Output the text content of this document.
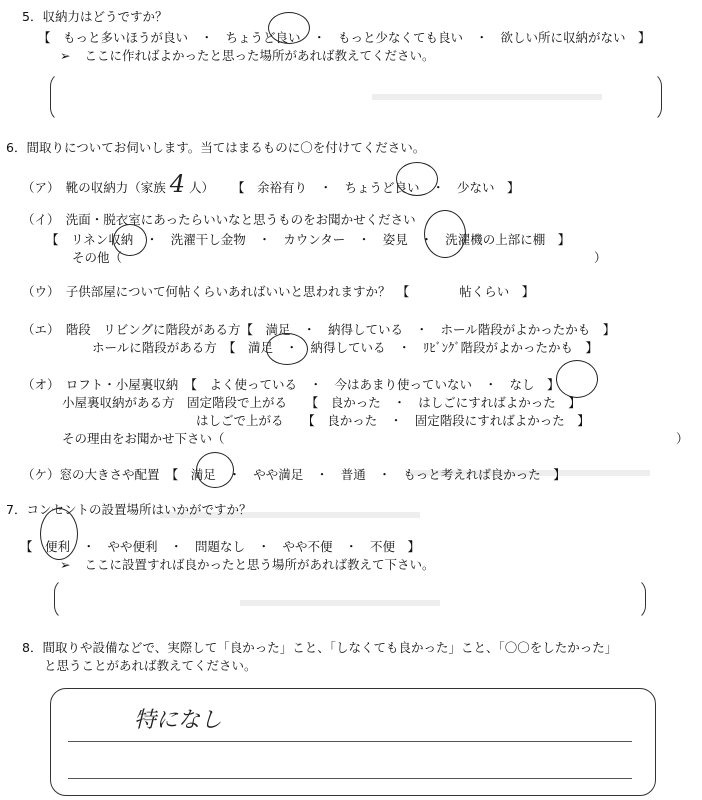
5．収納力はどうですか？
【　もっと多いほうが良い　・　ちょうど良い　・　もっと少なくても良い　・　欲しい所に収納がない　】
➢ ここに作ればよかったと思った場所があれば教えてください。
6．間取りについてお伺いします。当てはまるものに〇を付けてください。
（ア）　靴の収納力（家族 4 人） 【　余裕有り　・　ちょうど良い　・　少ない　】
（イ）　洗面・脱衣室にあったらいいなと思うものをお聞かせください
【　リネン収納　・　洗濯干し金物　・　カウンター　・　姿見　・　洗濯機の上部に棚　】
その他（	）
（ウ）　子供部屋について何帖くらいあればいいと思われますか？　【　　　　帖くらい　】
（エ）　階段　リビングに階段がある方【　満足　・　納得している　・　ホール階段がよかったかも　】
ホールに階段がある方　【　満足　・　納得している　・　ﾘﾋﾞﾝｸﾞ階段がよかったかも　】
（オ）　ロフト・小屋裏収納　【　よく使っている　・　今はあまり使っていない　・　なし　】
小屋裏収納がある方　固定階段で上がる　　【　良かった　・　はしごにすればよかった　】
はしごで上がる　　【　良かった　・　固定階段にすればよかった　】
その理由をお聞かせ下さい（	）
（ケ）窓の大きさや配置　【　満足　・　やや満足　・　普通　・　もっと考えれば良かった　】
7．コンセントの設置場所はいかがですか？
【　便利　・　やや便利　・　問題なし　・　やや不便　・　不便　】
➢ ここに設置すれば良かったと思う場所があれば教えて下さい。
8．間取りや設備などで、実際して「良かった」こと、「しなくても良かった」こと、「〇〇をしたかった」
と思うことがあれば教えてください。
特になし
